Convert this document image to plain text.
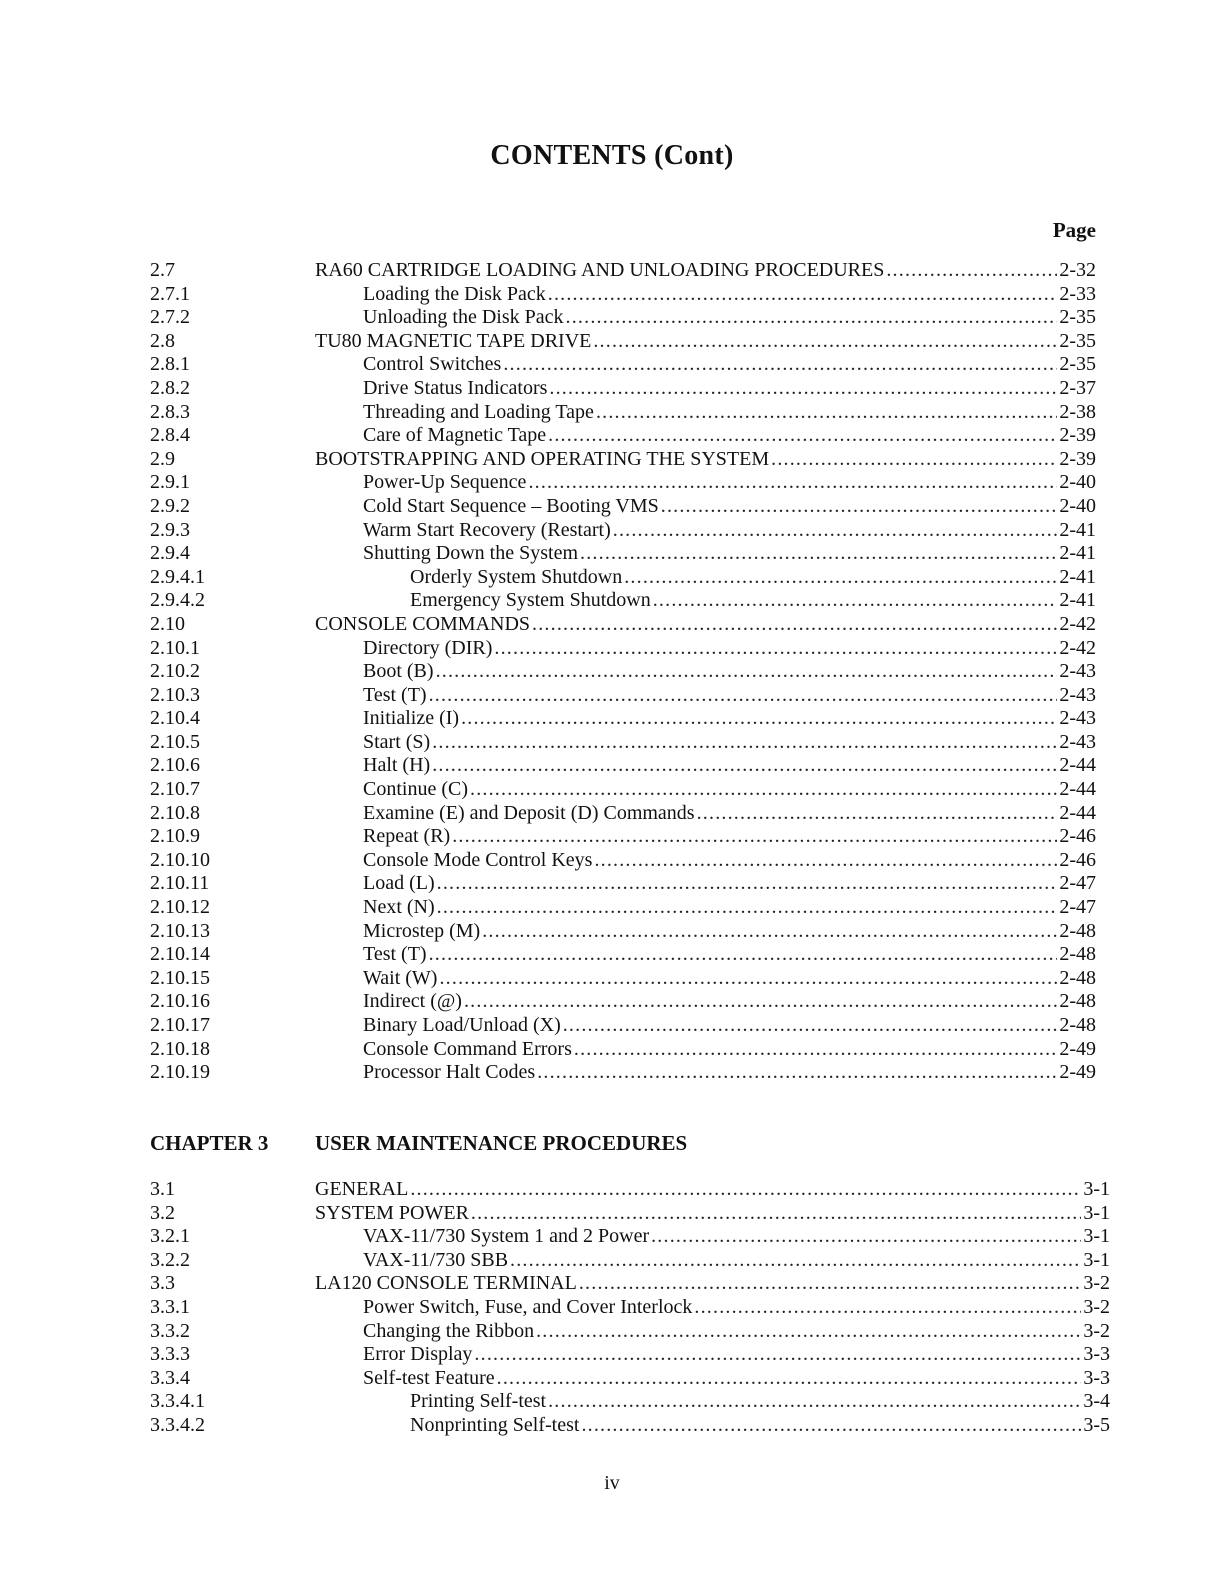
CONTENTS (Cont)
Page
2.7	RA60 CARTRIDGE LOADING AND UNLOADING PROCEDURES .....	2-32
2.7.1	Loading the Disk Pack .....	2-33
2.7.2	Unloading the Disk Pack .....	2-35
2.8	TU80 MAGNETIC TAPE DRIVE .....	2-35
2.8.1	Control Switches .....	2-35
2.8.2	Drive Status Indicators .....	2-37
2.8.3	Threading and Loading Tape .....	2-38
2.8.4	Care of Magnetic Tape .....	2-39
2.9	BOOTSTRAPPING AND OPERATING THE SYSTEM .....	2-39
2.9.1	Power-Up Sequence .....	2-40
2.9.2	Cold Start Sequence – Booting VMS .....	2-40
2.9.3	Warm Start Recovery (Restart) .....	2-41
2.9.4	Shutting Down the System .....	2-41
2.9.4.1	Orderly System Shutdown .....	2-41
2.9.4.2	Emergency System Shutdown .....	2-41
2.10	CONSOLE COMMANDS .....	2-42
2.10.1	Directory (DIR) .....	2-42
2.10.2	Boot (B) .....	2-43
2.10.3	Test (T) .....	2-43
2.10.4	Initialize (I) .....	2-43
2.10.5	Start (S) .....	2-43
2.10.6	Halt (H) .....	2-44
2.10.7	Continue (C) .....	2-44
2.10.8	Examine (E) and Deposit (D) Commands .....	2-44
2.10.9	Repeat (R) .....	2-46
2.10.10	Console Mode Control Keys .....	2-46
2.10.11	Load (L) .....	2-47
2.10.12	Next (N) .....	2-47
2.10.13	Microstep (M) .....	2-48
2.10.14	Test (T) .....	2-48
2.10.15	Wait (W) .....	2-48
2.10.16	Indirect (@) .....	2-48
2.10.17	Binary Load/Unload (X) .....	2-48
2.10.18	Console Command Errors .....	2-49
2.10.19	Processor Halt Codes .....	2-49
CHAPTER 3 USER MAINTENANCE PROCEDURES
3.1	GENERAL .....	3-1
3.2	SYSTEM POWER .....	3-1
3.2.1	VAX-11/730 System 1 and 2 Power .....	3-1
3.2.2	VAX-11/730 SBB .....	3-1
3.3	LA120 CONSOLE TERMINAL .....	3-2
3.3.1	Power Switch, Fuse, and Cover Interlock .....	3-2
3.3.2	Changing the Ribbon .....	3-2
3.3.3	Error Display .....	3-3
3.3.4	Self-test Feature .....	3-3
3.3.4.1	Printing Self-test .....	3-4
3.3.4.2	Nonprinting Self-test .....	3-5
iv
